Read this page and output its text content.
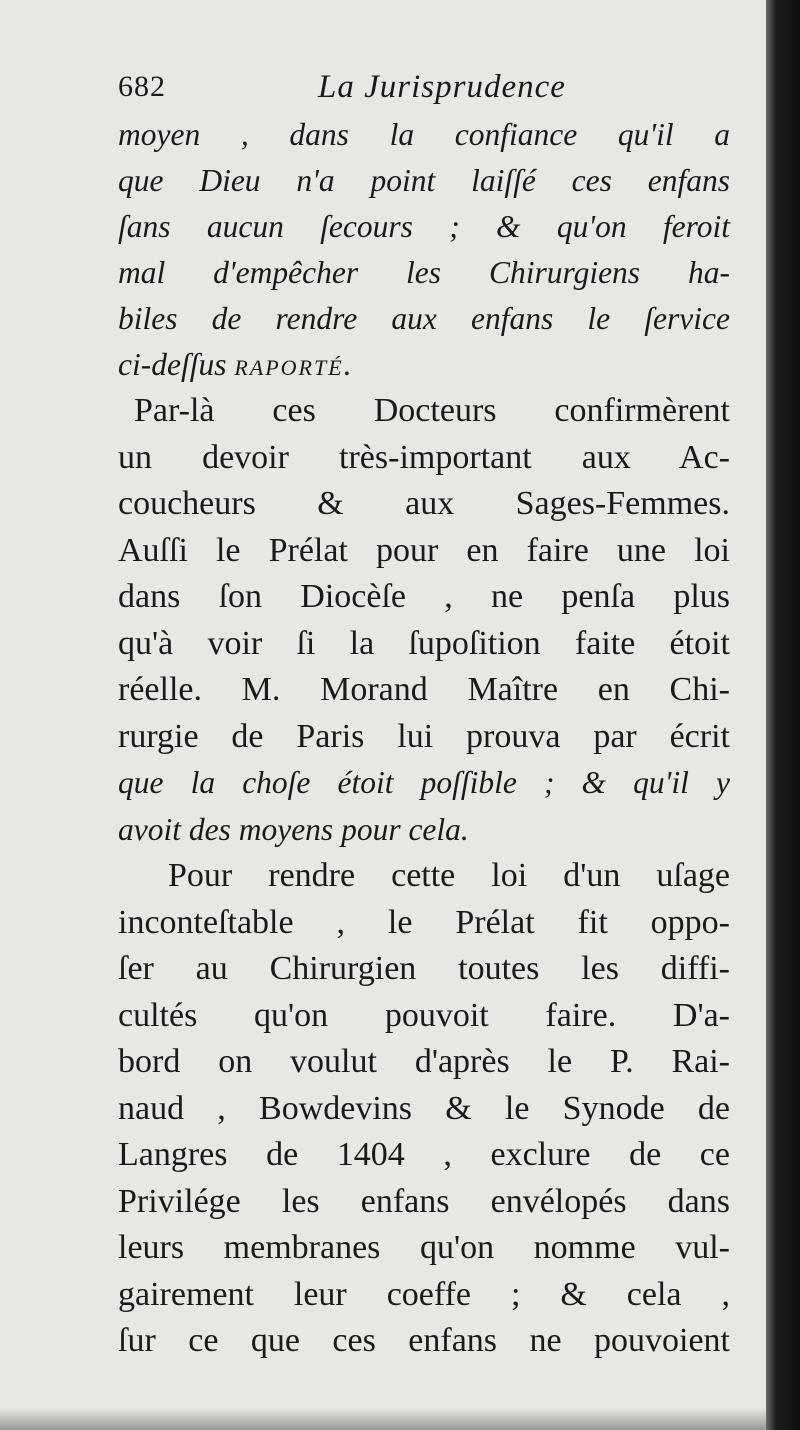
682	La Jurisprudence
moyen , dans la confiance qu'il a
que Dieu n'a point laiſſé ces enfans
ſans aucun ſecours ; & qu'on feroit
mal d'empêcher les Chirurgiens ha-
biles de rendre aux enfans le ſervice
ci-deſſus raporté.
Par-là ces Docteurs confirmèrent
un devoir très-important aux Ac-
coucheurs & aux Sages-Femmes.
Auſſi le Prélat pour en faire une loi
dans ſon Diocèſe , ne penſa plus
qu'à voir ſi la ſupoſition faite étoit
réelle. M. Morand Maître en Chi-
rurgie de Paris lui prouva par écrit
que la choſe étoit poſſible ; & qu'il y
avoit des moyens pour cela.
Pour rendre cette loi d'un uſage
inconteſtable , le Prélat fit oppo-
ſer au Chirurgien toutes les diffi-
cultés qu'on pouvoit faire. D'a-
bord on voulut d'après le P. Rai-
naud , Bowdevins & le Synode de
Langres de 1404 , exclure de ce
Privilége les enfans envélopés dans
leurs membranes qu'on nomme vul-
gairement leur coeffe ; & cela ,
ſur ce que ces enfans ne pouvoient
